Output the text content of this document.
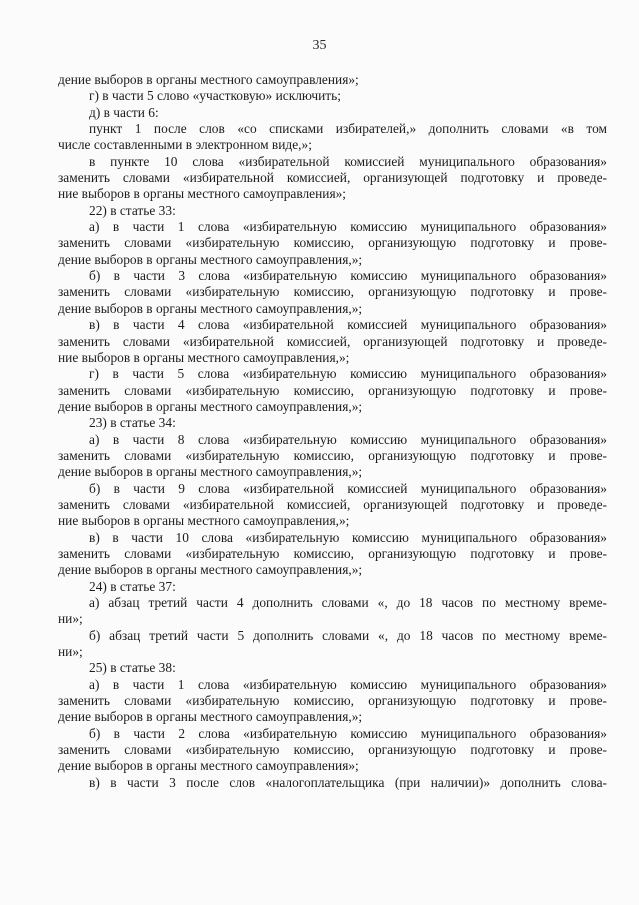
35
дение выборов в органы местного самоуправления»;
г) в части 5 слово «участковую» исключить;
д) в части 6:
пункт 1 после слов «со списками избирателей,» дополнить словами «в том
числе составленными в электронном виде,»;
в пункте 10 слова «избирательной комиссией муниципального образования»
заменить словами «избирательной комиссией, организующей подготовку и проведе-
ние выборов в органы местного самоуправления»;
22) в статье 33:
а) в части 1 слова «избирательную комиссию муниципального образования»
заменить словами «избирательную комиссию, организующую подготовку и прове-
дение выборов в органы местного самоуправления,»;
б) в части 3 слова «избирательную комиссию муниципального образования»
заменить словами «избирательную комиссию, организующую подготовку и прове-
дение выборов в органы местного самоуправления,»;
в) в части 4 слова «избирательной комиссией муниципального образования»
заменить словами «избирательной комиссией, организующей подготовку и проведе-
ние выборов в органы местного самоуправления,»;
г) в части 5 слова «избирательную комиссию муниципального образования»
заменить словами «избирательную комиссию, организующую подготовку и прове-
дение выборов в органы местного самоуправления,»;
23) в статье 34:
а) в части 8 слова «избирательную комиссию муниципального образования»
заменить словами «избирательную комиссию, организующую подготовку и прове-
дение выборов в органы местного самоуправления,»;
б) в части 9 слова «избирательной комиссией муниципального образования»
заменить словами «избирательной комиссией, организующей подготовку и проведе-
ние выборов в органы местного самоуправления,»;
в) в части 10 слова «избирательную комиссию муниципального образования»
заменить словами «избирательную комиссию, организующую подготовку и прове-
дение выборов в органы местного самоуправления,»;
24) в статье 37:
а) абзац третий части 4 дополнить словами «, до 18 часов по местному време-
ни»;
б) абзац третий части 5 дополнить словами «, до 18 часов по местному време-
ни»;
25) в статье 38:
а) в части 1 слова «избирательную комиссию муниципального образования»
заменить словами «избирательную комиссию, организующую подготовку и прове-
дение выборов в органы местного самоуправления,»;
б) в части 2 слова «избирательную комиссию муниципального образования»
заменить словами «избирательную комиссию, организующую подготовку и прове-
дение выборов в органы местного самоуправления»;
в) в части 3 после слов «налогоплательщика (при наличии)» дополнить слова-
